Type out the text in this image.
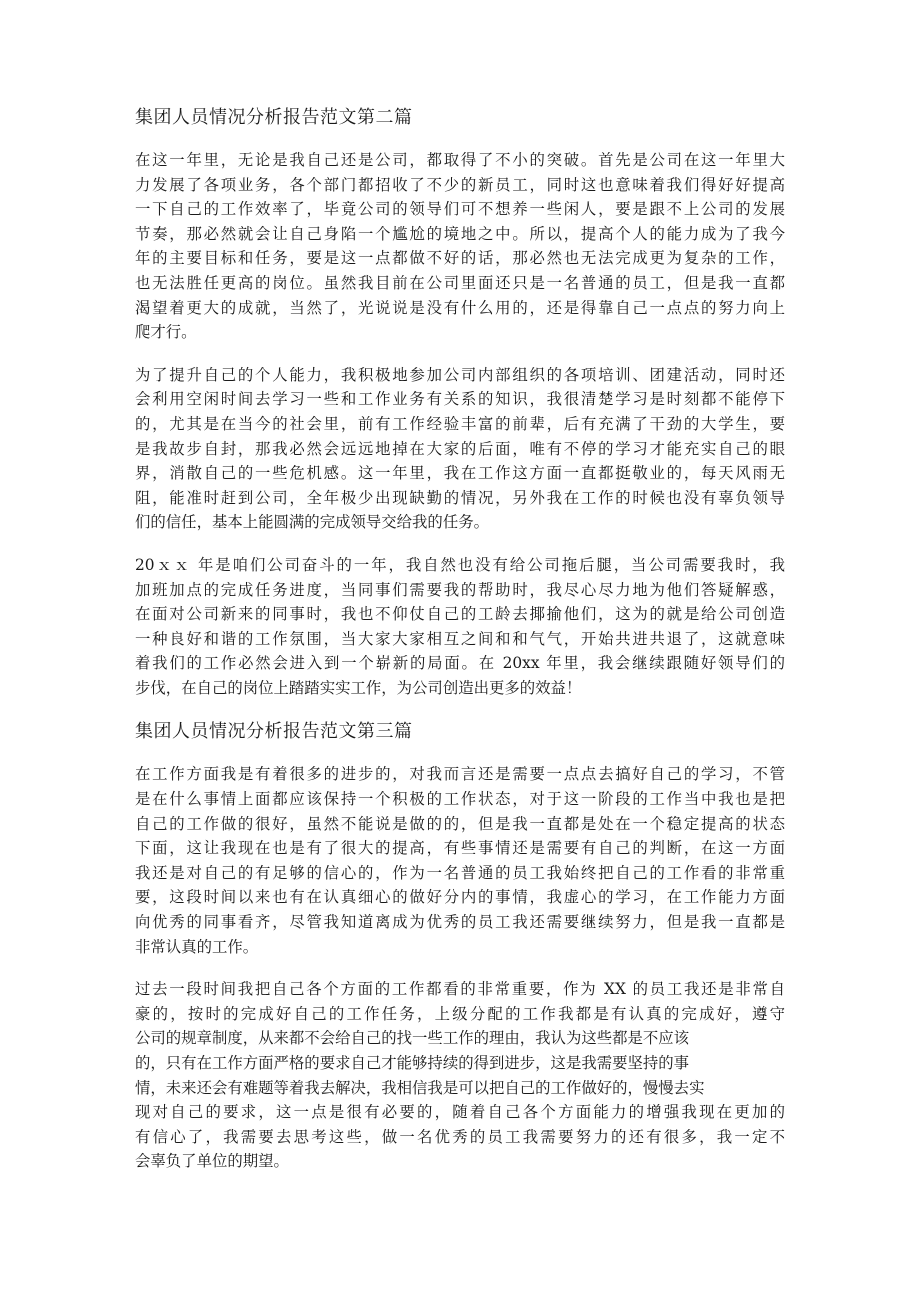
集团人员情况分析报告范文第二篇
在这一年里，无论是我自己还是公司，都取得了不小的突破。首先是公司在这一年里大
力发展了各项业务，各个部门都招收了不少的新员工，同时这也意味着我们得好好提高
一下自己的工作效率了，毕竟公司的领导们可不想养一些闲人，要是跟不上公司的发展
节奏，那必然就会让自己身陷一个尴尬的境地之中。所以，提高个人的能力成为了我今
年的主要目标和任务，要是这一点都做不好的话，那必然也无法完成更为复杂的工作，
也无法胜任更高的岗位。虽然我目前在公司里面还只是一名普通的员工，但是我一直都
渴望着更大的成就，当然了，光说说是没有什么用的，还是得靠自己一点点的努力向上
爬才行。
为了提升自己的个人能力，我积极地参加公司内部组织的各项培训、团建活动，同时还
会利用空闲时间去学习一些和工作业务有关系的知识，我很清楚学习是时刻都不能停下
的，尤其是在当今的社会里，前有工作经验丰富的前辈，后有充满了干劲的大学生，要
是我故步自封，那我必然会远远地掉在大家的后面，唯有不停的学习才能充实自己的眼
界，消散自己的一些危机感。这一年里，我在工作这方面一直都挺敬业的，每天风雨无
阻，能准时赶到公司，全年极少出现缺勤的情况，另外我在工作的时候也没有辜负领导
们的信任，基本上能圆满的完成领导交给我的任务。
20ｘｘ 年是咱们公司奋斗的一年，我自然也没有给公司拖后腿，当公司需要我时，我
加班加点的完成任务进度，当同事们需要我的帮助时，我尽心尽力地为他们答疑解惑，
在面对公司新来的同事时，我也不仰仗自己的工龄去揶揄他们，这为的就是给公司创造
一种良好和谐的工作氛围，当大家大家相互之间和和气气，开始共进共退了，这就意味
着我们的工作必然会进入到一个崭新的局面。在 20xx 年里，我会继续跟随好领导们的
步伐，在自己的岗位上踏踏实实工作，为公司创造出更多的效益！
集团人员情况分析报告范文第三篇
在工作方面我是有着很多的进步的，对我而言还是需要一点点去搞好自己的学习，不管
是在什么事情上面都应该保持一个积极的工作状态，对于这一阶段的工作当中我也是把
自己的工作做的很好，虽然不能说是做的的，但是我一直都是处在一个稳定提高的状态
下面，这让我现在也是有了很大的提高，有些事情还是需要有自己的判断，在这一方面
我还是对自己的有足够的信心的，作为一名普通的员工我始终把自己的工作看的非常重
要，这段时间以来也有在认真细心的做好分内的事情，我虚心的学习，在工作能力方面
向优秀的同事看齐，尽管我知道离成为优秀的员工我还需要继续努力，但是我一直都是
非常认真的工作。
过去一段时间我把自己各个方面的工作都看的非常重要，作为 XX 的员工我还是非常自
豪的，按时的完成好自己的工作任务，上级分配的工作我都是有认真的完成好，遵守
公司的规章制度，从来都不会给自己的找一些工作的理由，我认为这些都是不应该
的，只有在工作方面严格的要求自己才能够持续的得到进步，这是我需要坚持的事
情，未来还会有难题等着我去解决，我相信我是可以把自己的工作做好的，慢慢去实
现对自己的要求，这一点是很有必要的，随着自己各个方面能力的增强我现在更加的
有信心了，我需要去思考这些，做一名优秀的员工我需要努力的还有很多，我一定不
会辜负了单位的期望。
